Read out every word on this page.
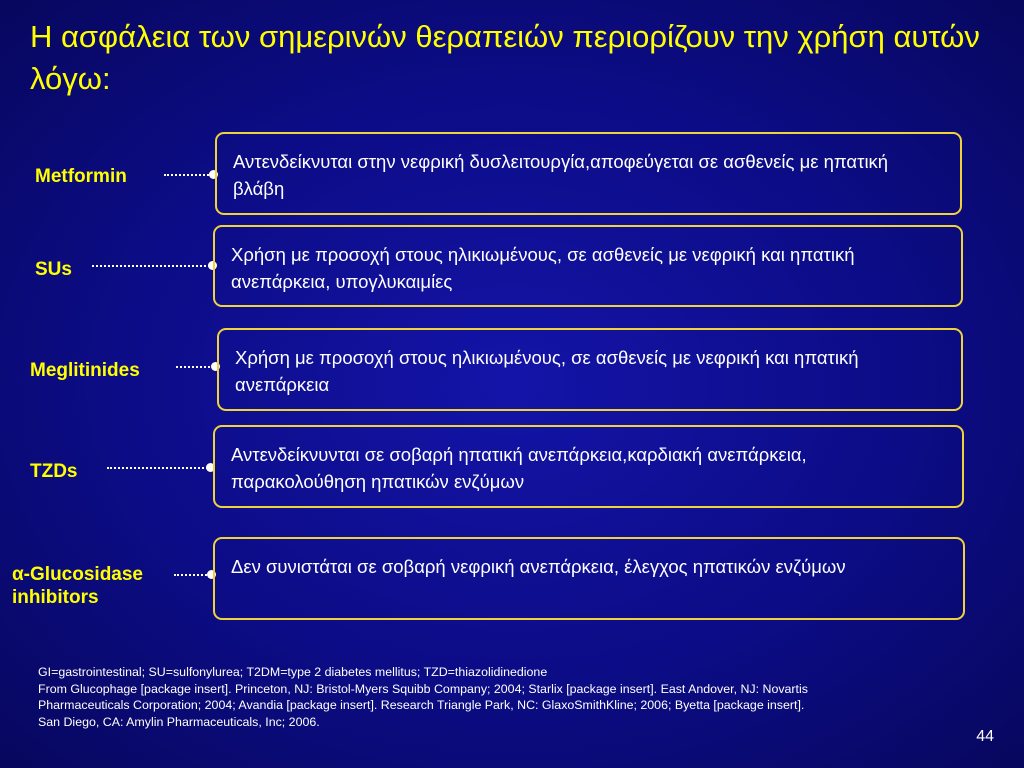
Η ασφάλεια των σημερινών θεραπειών περιορίζουν την χρήση αυτών λόγω:
Metformin
Αντενδείκνυται στην νεφρική δυσλειτουργία,αποφεύγεται σε ασθενείς με ηπατική βλάβη
SUs
Χρήση με προσοχή στους ηλικιωμένους, σε ασθενείς με νεφρική και ηπατική ανεπάρκεια, υπογλυκαιμίες
Meglitinides
Χρήση με προσοχή στους ηλικιωμένους, σε ασθενείς με νεφρική και ηπατική ανεπάρκεια
TZDs
Αντενδείκνυνται σε σοβαρή ηπατική ανεπάρκεια,καρδιακή ανεπάρκεια, παρακολούθηση ηπατικών ενζύμων
α-Glucosidase
inhibitors
Δεν συνιστάται σε σοβαρή νεφρική ανεπάρκεια, έλεγχος ηπατικών ενζύμων
GI=gastrointestinal; SU=sulfonylurea; T2DM=type 2 diabetes mellitus; TZD=thiazolidinedione
From Glucophage [package insert]. Princeton, NJ: Bristol-Myers Squibb Company; 2004; Starlix [package insert]. East Andover, NJ: Novartis
Pharmaceuticals Corporation; 2004; Avandia [package insert]. Research Triangle Park, NC: GlaxoSmithKline; 2006; Byetta [package insert].
San Diego, CA: Amylin Pharmaceuticals, Inc; 2006.
44
